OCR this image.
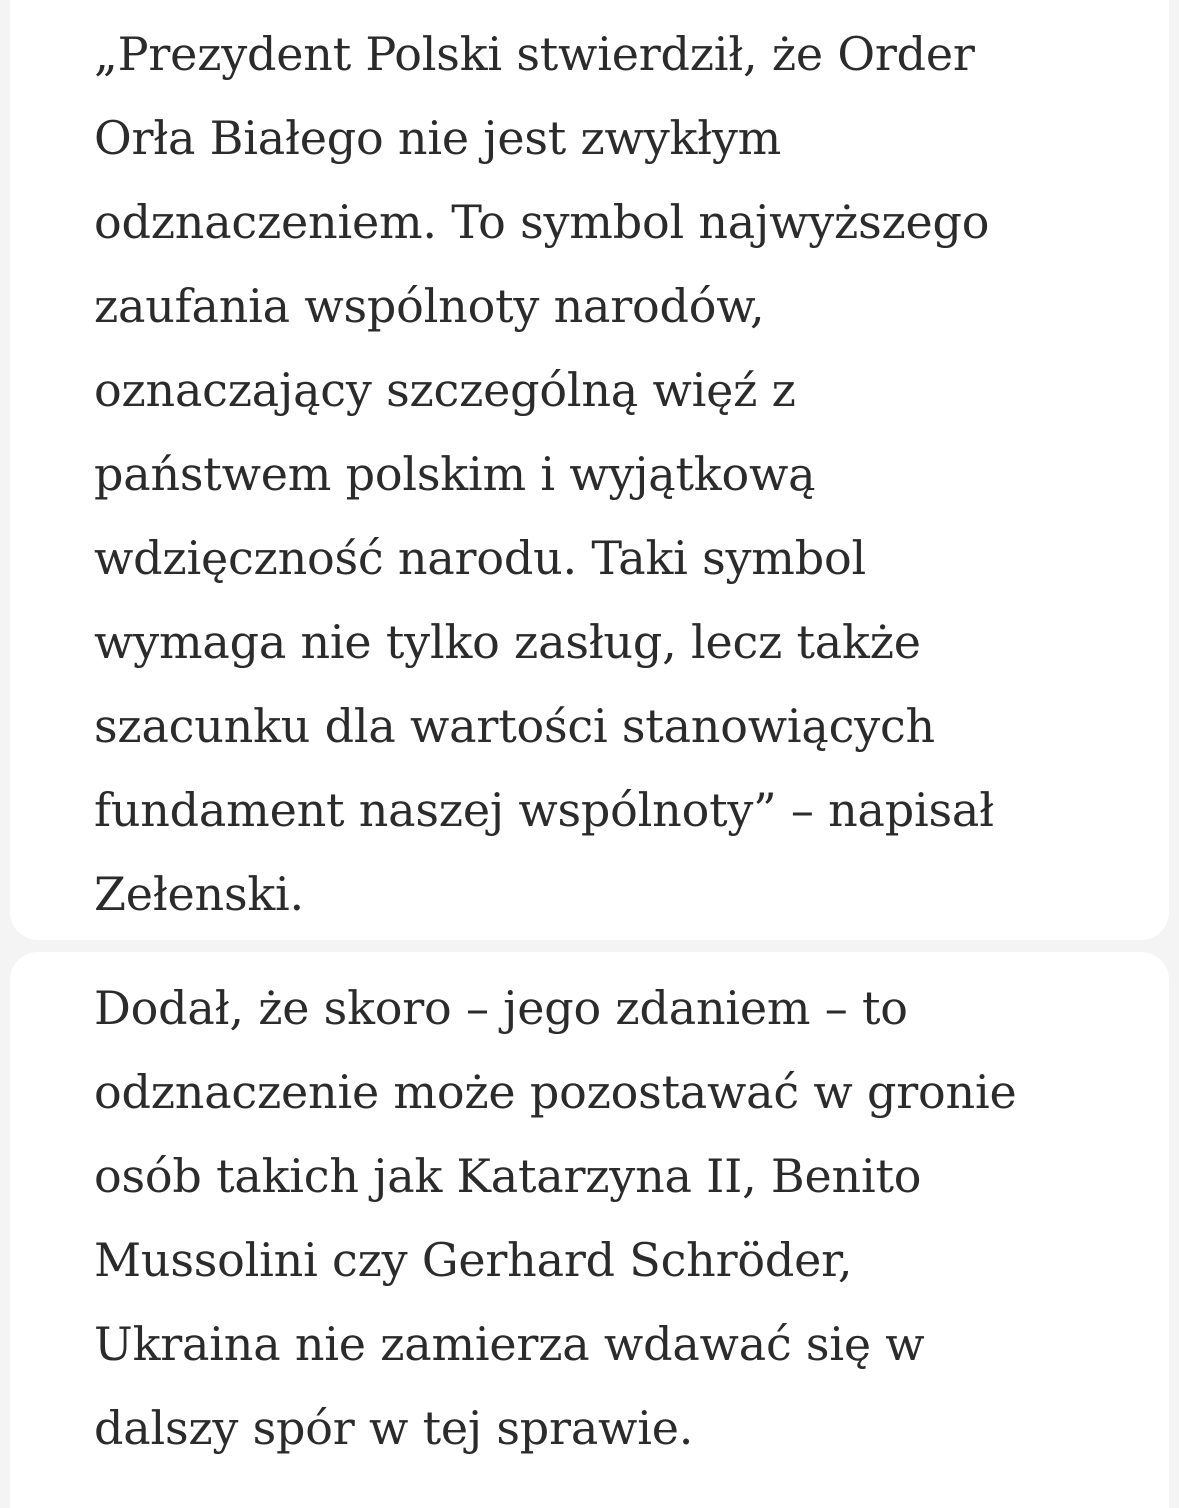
„Prezydent Polski stwierdził, że Order
Orła Białego nie jest zwykłym
odznaczeniem. To symbol najwyższego
zaufania wspólnoty narodów,
oznaczający szczególną więź z
państwem polskim i wyjątkową
wdzięczność narodu. Taki symbol
wymaga nie tylko zasług, lecz także
szacunku dla wartości stanowiących
fundament naszej wspólnoty” – napisał
Zełenski.

Dodał, że skoro – jego zdaniem – to
odznaczenie może pozostawać w gronie
osób takich jak Katarzyna II, Benito
Mussolini czy Gerhard Schröder,
Ukraina nie zamierza wdawać się w
dalszy spór w tej sprawie.
